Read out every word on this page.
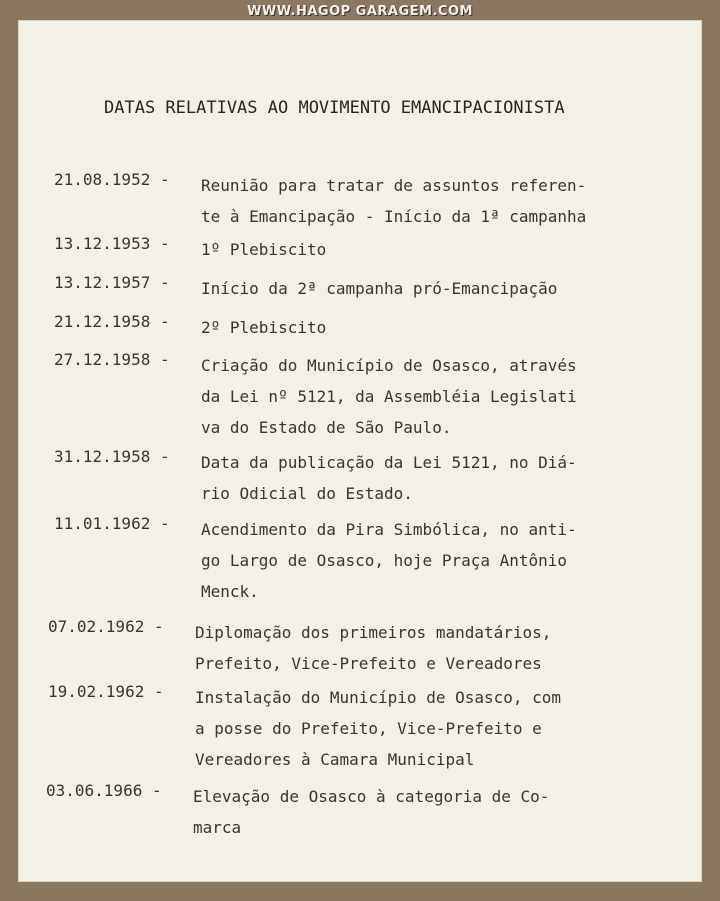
WWW.HAGOP GARAGEM.COM
DATAS RELATIVAS AO MOVIMENTO EMANCIPACIONISTA
21.08.1952 - Reunião para tratar de assuntos referen-
te à Emancipação - Início da 1ª campanha
13.12.1953 - 1º Plebiscito
13.12.1957 - Início da 2ª campanha pró-Emancipação
21.12.1958 - 2º Plebiscito
27.12.1958 - Criação do Município de Osasco, através
da Lei nº 5121, da Assembléia Legislati
va do Estado de São Paulo.
31.12.1958 - Data da publicação da Lei 5121, no Diá-
rio Odicial do Estado.
11.01.1962 - Acendimento da Pira Simbólica, no anti-
go Largo de Osasco, hoje Praça Antônio
Menck.
07.02.1962 - Diplomação dos primeiros mandatários,
Prefeito, Vice-Prefeito e Vereadores
19.02.1962 - Instalação do Município de Osasco, com
a posse do Prefeito, Vice-Prefeito e
Vereadores à Camara Municipal
03.06.1966 - Elevação de Osasco à categoria de Co-
marca
